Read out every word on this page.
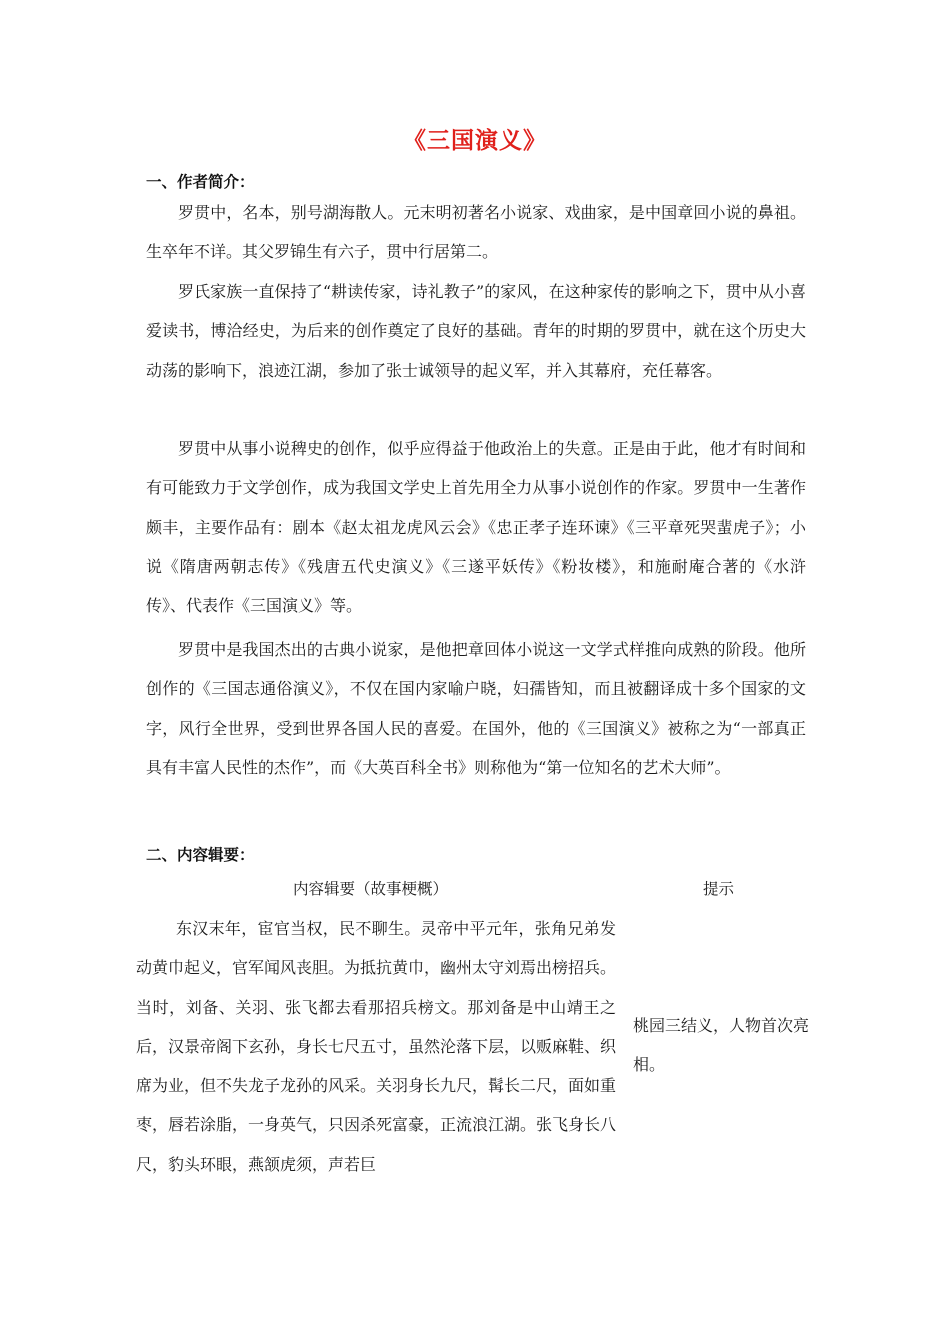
《三国演义》
一、作者简介：

罗贯中，名本，别号湖海散人。元末明初著名小说家、戏曲家，是中国章回小说的鼻祖。生卒年不详。其父罗锦生有六子，贯中行居第二。

罗氏家族一直保持了“耕读传家，诗礼教子”的家风，在这种家传的影响之下，贯中从小喜爱读书，博洽经史，为后来的创作奠定了良好的基础。青年的时期的罗贯中，就在这个历史大动荡的影响下，浪迹江湖，参加了张士诚领导的起义军，并入其幕府，充任幕客。

罗贯中从事小说稗史的创作，似乎应得益于他政治上的失意。正是由于此，他才有时间和有可能致力于文学创作，成为我国文学史上首先用全力从事小说创作的作家。罗贯中一生著作颇丰，主要作品有：剧本《赵太祖龙虎风云会》《忠正孝子连环谏》《三平章死哭蜚虎子》；小说《隋唐两朝志传》《残唐五代史演义》《三遂平妖传》《粉妆楼》，和施耐庵合著的《水浒传》、代表作《三国演义》等。

罗贯中是我国杰出的古典小说家，是他把章回体小说这一文学式样推向成熟的阶段。他所创作的《三国志通俗演义》，不仅在国内家喻户晓，妇孺皆知，而且被翻译成十多个国家的文字，风行全世界，受到世界各国人民的喜爱。在国外，他的《三国演义》被称之为“一部真正具有丰富人民性的杰作”，而《大英百科全书》则称他为“第一位知名的艺术大师”。

二、内容辑要：
内容辑要（故事梗概）	提示

东汉末年，宦官当权，民不聊生。灵帝中平元年，张角兄弟发动黄巾起义，官军闻风丧胆。为抵抗黄巾，幽州太守刘焉出榜招兵。当时，刘备、关羽、张飞都去看那招兵榜文。那刘备是中山靖王之后，汉景帝阁下玄孙，身长七尺五寸，虽然沦落下层，以贩麻鞋、织席为业，但不失龙子龙孙的风采。关羽身长九尺，髯长二尺，面如重枣，唇若涂脂，一身英气，只因杀死富豪，正流浪江湖。张飞身长八尺，豹头环眼，燕颔虎须，声若巨

桃园三结义，人物首次亮相。
